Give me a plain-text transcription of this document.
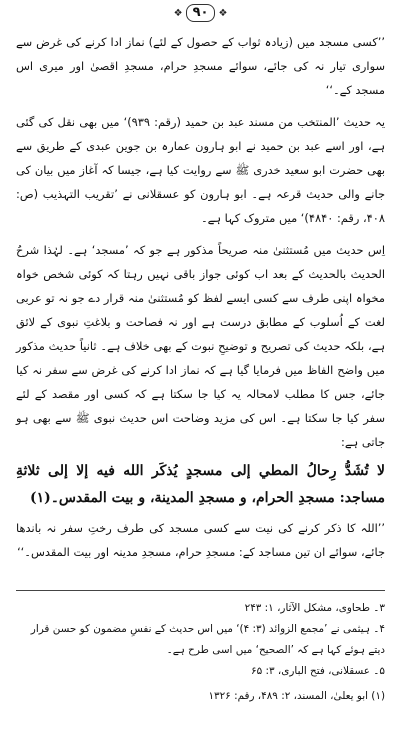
❖ ۹۰	❖

’’کسی مسجد میں (زیادہ ثواب کے حصول کے لئے) نماز ادا کرنے کی غرض سے سواری تیار نہ کی جائے، سوائے مسجدِ حرام، مسجدِ اقصیٰ اور میری اس مسجد کے۔‘‘

یہ حدیث ’المنتخب من مسند عبد بن حمید (رقم: ۹۳۹)‘ میں بھی نقل کی گئی ہے، اور اسے عبد بن حمید نے ابو ہارون عمارہ بن جوین عبدی کے طریق سے بھی حضرت ابو سعید خدری ﷺ سے روایت کیا ہے، جیسا کہ آغاز میں بیان کی جانے والی حدیث قرعہ ہے۔ ابو ہارون کو عسقلانی نے ’تقریب التہذیب (ص: ۴۰۸، رقم: ۴۸۴۰)‘ میں متروک کہا ہے۔

اِس حدیث میں مُستثنیٰ منہ صریحاً مذکور ہے جو کہ ’مسجد‘ ہے۔ لہٰذا شرحُ الحدیث بالحدیث کے بعد اب کوئی جواز باقی نہیں رہتا کہ کوئی شخص خواہ مخواہ اپنی طرف سے کسی ایسے لفظ کو مُستثنیٰ منہ قرار دے جو نہ تو عربی لغت کے اُسلوب کے مطابق درست ہے اور نہ فصاحت و بلاغتِ نبوی کے لائق ہے، بلکہ حدیث کی تصریح و توضیحِ نبوت کے بھی خلاف ہے۔ ثانیاً حدیث مذکور میں واضح الفاظ میں فرمایا گیا ہے کہ نماز ادا کرنے کی غرض سے سفر نہ کیا جائے، جس کا مطلب لامحالہ یہ کیا جا سکتا ہے کہ کسی اور مقصد کے لئے سفر کیا جا سکتا ہے۔ اس کی مزید وضاحت اس حدیث نبوی ﷺ سے بھی ہو جاتی ہے:

لا تُشَدُّ رِحالُ المطي إلى مسجدٍ يُذكَر الله فيه إلا إلى ثلاثةِ مساجد: مسجدِ الحرام، و مسجدِ المدينة، و بيت المقدس۔(۱)

’’اللہ کا ذکر کرنے کی نیت سے کسی مسجد کی طرف رختِ سفر نہ باندھا جائے، سوائے ان تین مساجد کے: مسجدِ حرام، مسجدِ مدینہ اور بیت المقدس۔‘‘

۳۔ طحاوی، مشکل الآثار، ۱: ۲۴۳

۴۔ ہیثمی نے ’مجمع الزوائد (۳: ۴)‘ میں اس حدیث کے نفسِ مضمون کو حسن قرار دیتے ہوئے کہا ہے کہ ’الصحیح‘ میں اسی طرح ہے۔

۵۔ عسقلانی، فتح الباری، ۳: ۶۵

(۱) ابو یعلیٰ، المسند، ۲: ۴۸۹، رقم: ۱۳۲۶
